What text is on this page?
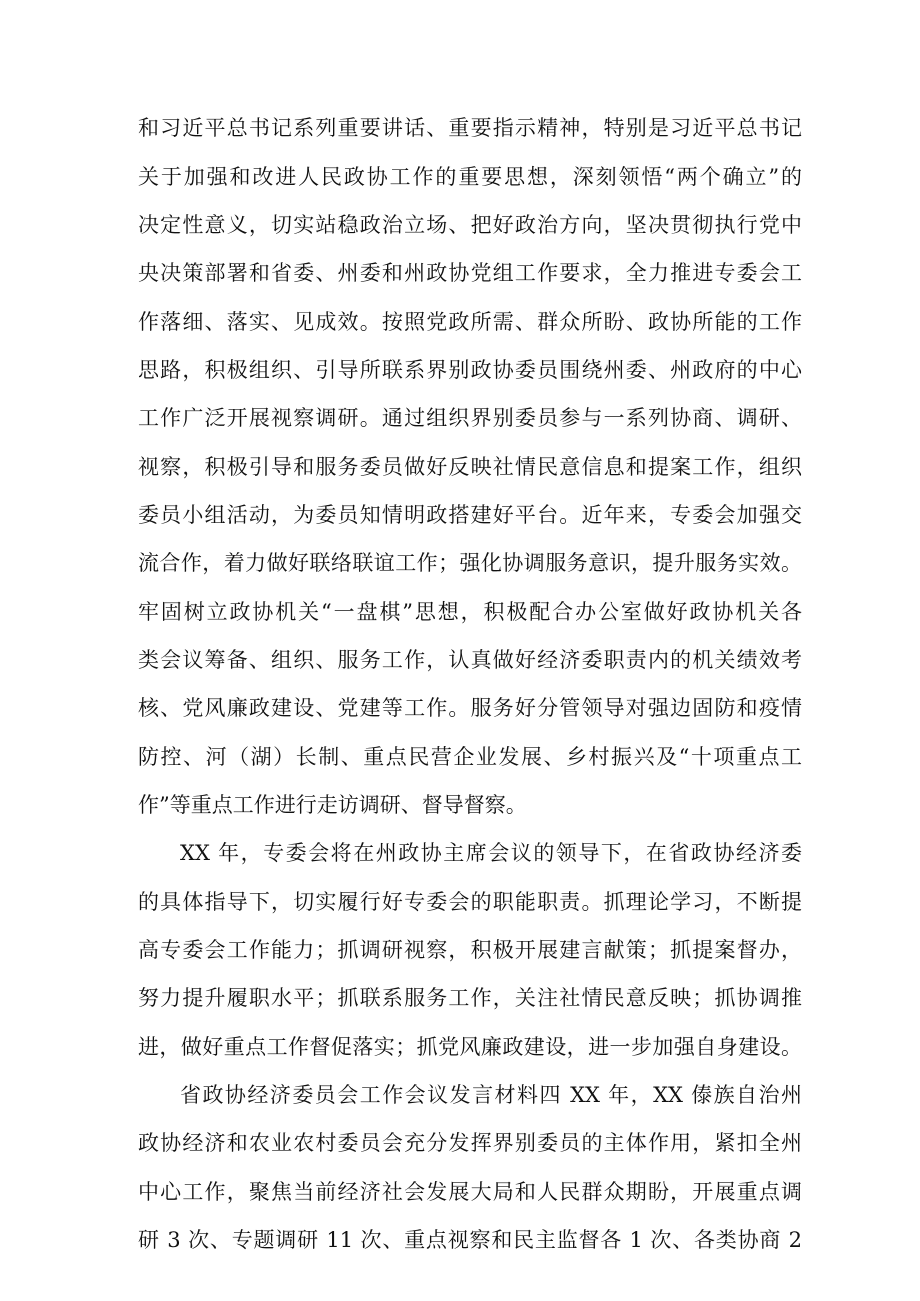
和习近平总书记系列重要讲话、重要指示精神，特别是习近平总书记
关于加强和改进人民政协工作的重要思想，深刻领悟“两个确立”的
决定性意义，切实站稳政治立场、把好政治方向，坚决贯彻执行党中
央决策部署和省委、州委和州政协党组工作要求，全力推进专委会工
作落细、落实、见成效。按照党政所需、群众所盼、政协所能的工作
思路，积极组织、引导所联系界别政协委员围绕州委、州政府的中心
工作广泛开展视察调研。通过组织界别委员参与一系列协商、调研、
视察，积极引导和服务委员做好反映社情民意信息和提案工作，组织
委员小组活动，为委员知情明政搭建好平台。近年来，专委会加强交
流合作，着力做好联络联谊工作；强化协调服务意识，提升服务实效。
牢固树立政协机关“一盘棋”思想，积极配合办公室做好政协机关各
类会议筹备、组织、服务工作，认真做好经济委职责内的机关绩效考
核、党风廉政建设、党建等工作。服务好分管领导对强边固防和疫情
防控、河（湖）长制、重点民营企业发展、乡村振兴及“十项重点工
作”等重点工作进行走访调研、督导督察。
XX 年，专委会将在州政协主席会议的领导下，在省政协经济委
的具体指导下，切实履行好专委会的职能职责。抓理论学习，不断提
高专委会工作能力；抓调研视察，积极开展建言献策；抓提案督办，
努力提升履职水平；抓联系服务工作，关注社情民意反映；抓协调推
进，做好重点工作督促落实；抓党风廉政建设，进一步加强自身建设。
省政协经济委员会工作会议发言材料四 XX 年，XX 傣族自治州
政协经济和农业农村委员会充分发挥界别委员的主体作用，紧扣全州
中心工作，聚焦当前经济社会发展大局和人民群众期盼，开展重点调
研 3 次、专题调研 11 次、重点视察和民主监督各 1 次、各类协商 2
